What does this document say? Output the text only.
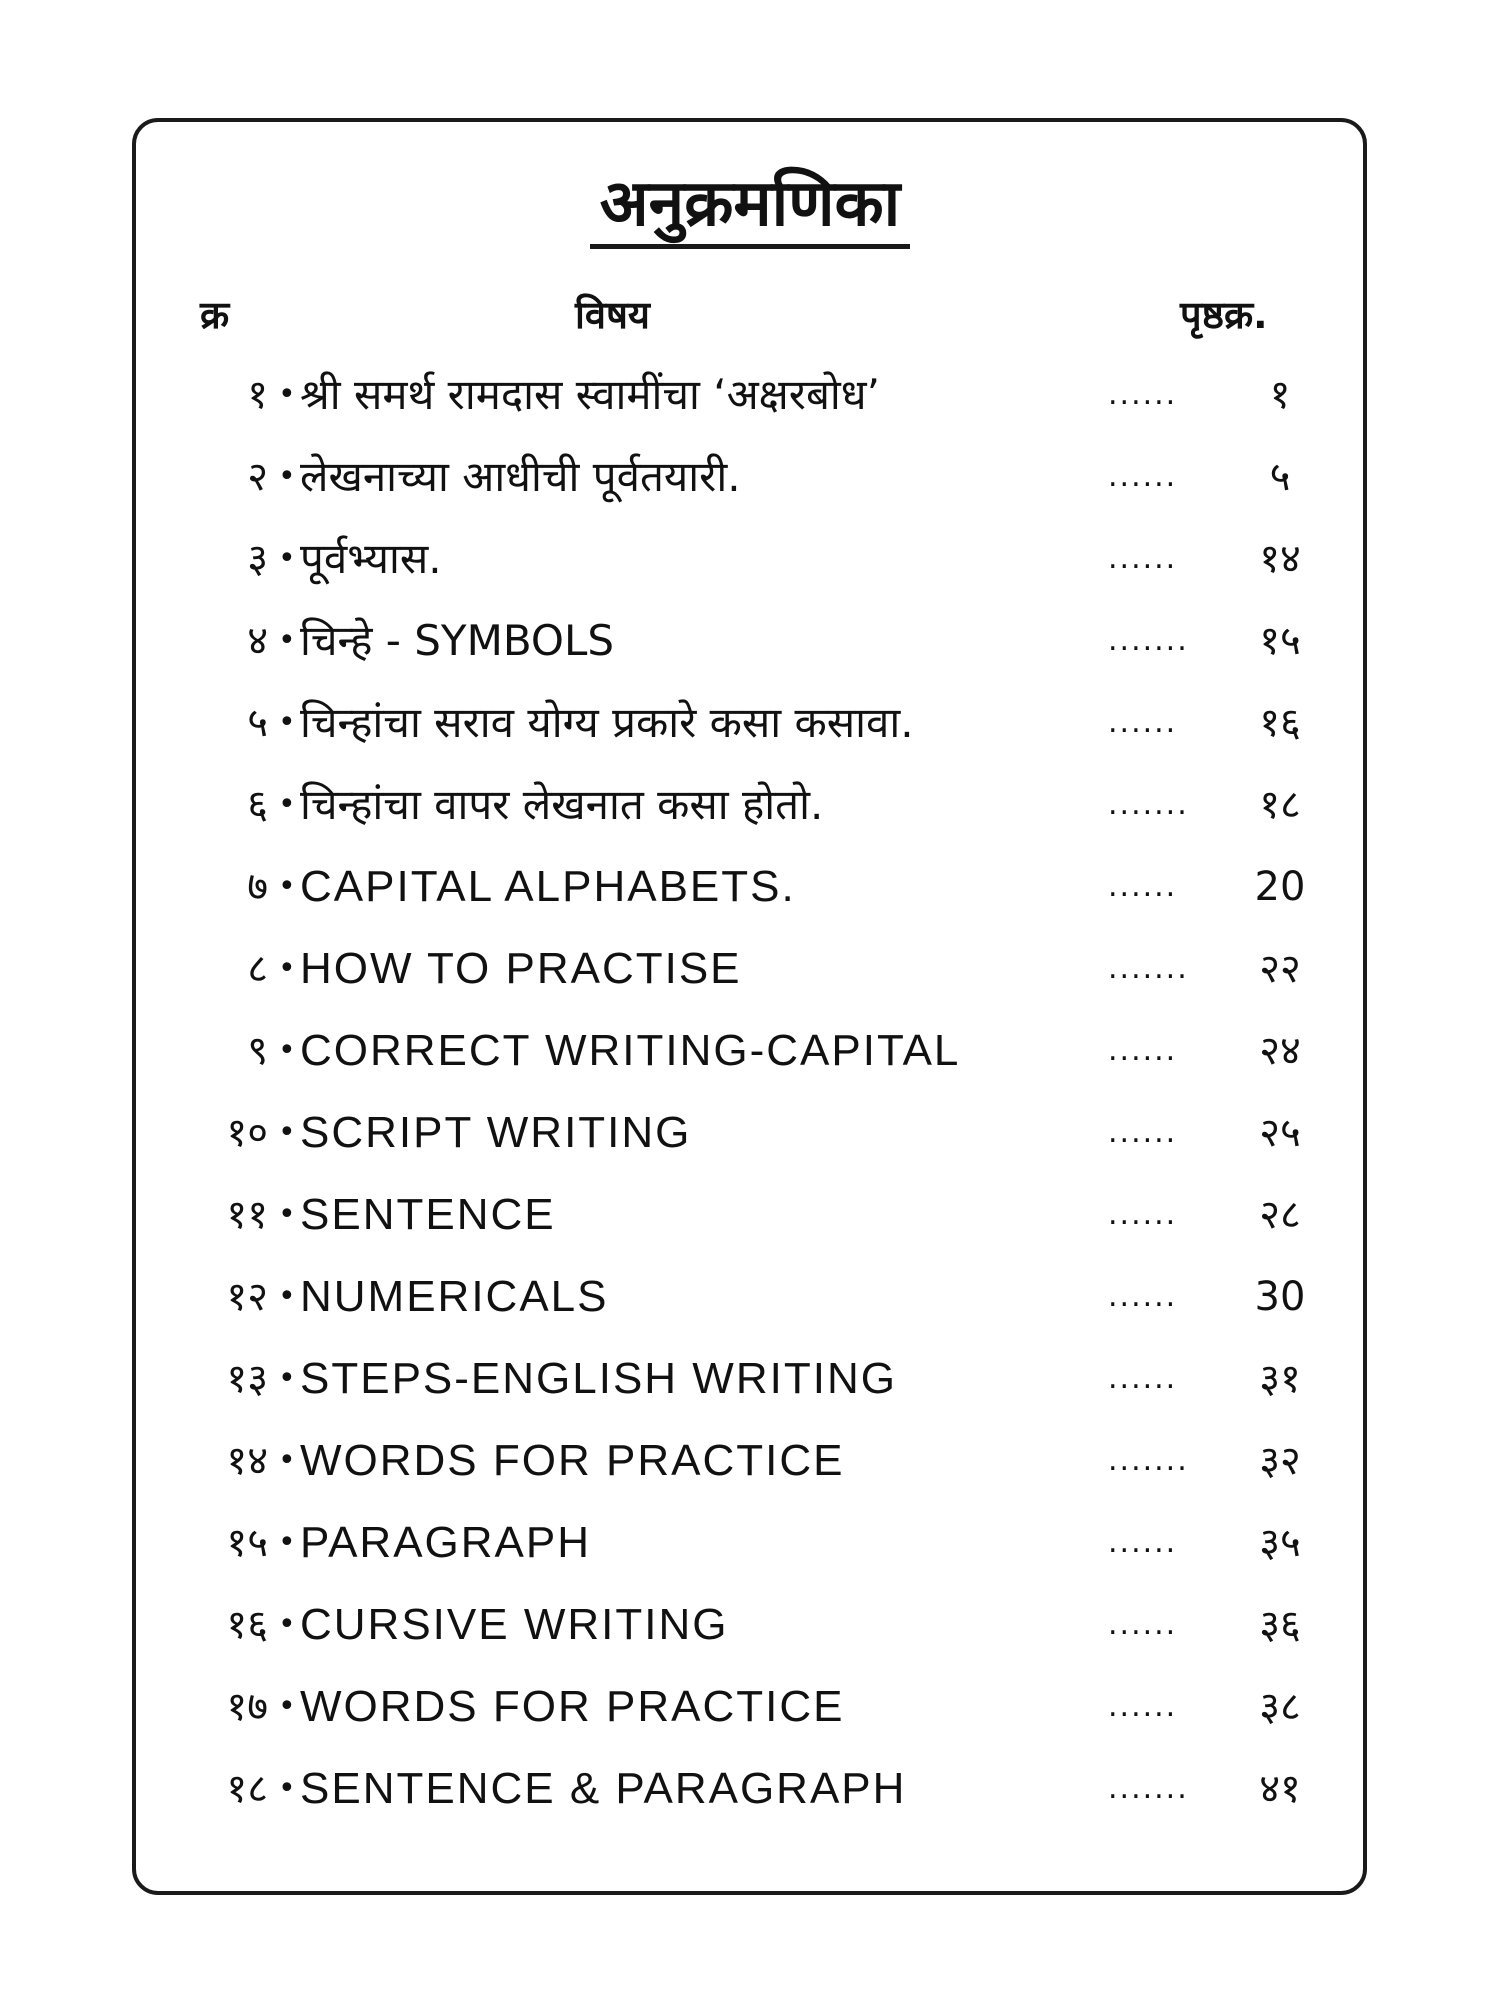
अनुक्रमणिका
क्र	विषय	पृष्ठक्र.
१ • श्री समर्थ रामदास स्वामींचा ‘अक्षरबोध’	......	१
२ • लेखनाच्या आधीची पूर्वतयारी.	......	५
३ • पूर्वभ्यास.	......	१४
४ • चिन्हे - SYMBOLS	.......	१५
५ • चिन्हांचा सराव योग्य प्रकारे कसा कसावा.	......	१६
६ • चिन्हांचा वापर लेखनात कसा होतो.	.......	१८
७ • CAPITAL ALPHABETS.	......	20
८ • HOW TO PRACTISE	.......	२२
९ • CORRECT WRITING-CAPITAL	......	२४
१० • SCRIPT WRITING	......	२५
११ • SENTENCE	......	२८
१२ • NUMERICALS	......	30
१३ • STEPS-ENGLISH WRITING	......	३१
१४ • WORDS FOR PRACTICE	.......	३२
१५ • PARAGRAPH	......	३५
१६ • CURSIVE WRITING	......	३६
१७ • WORDS FOR PRACTICE	......	३८
१८ • SENTENCE & PARAGRAPH	.......	४१
